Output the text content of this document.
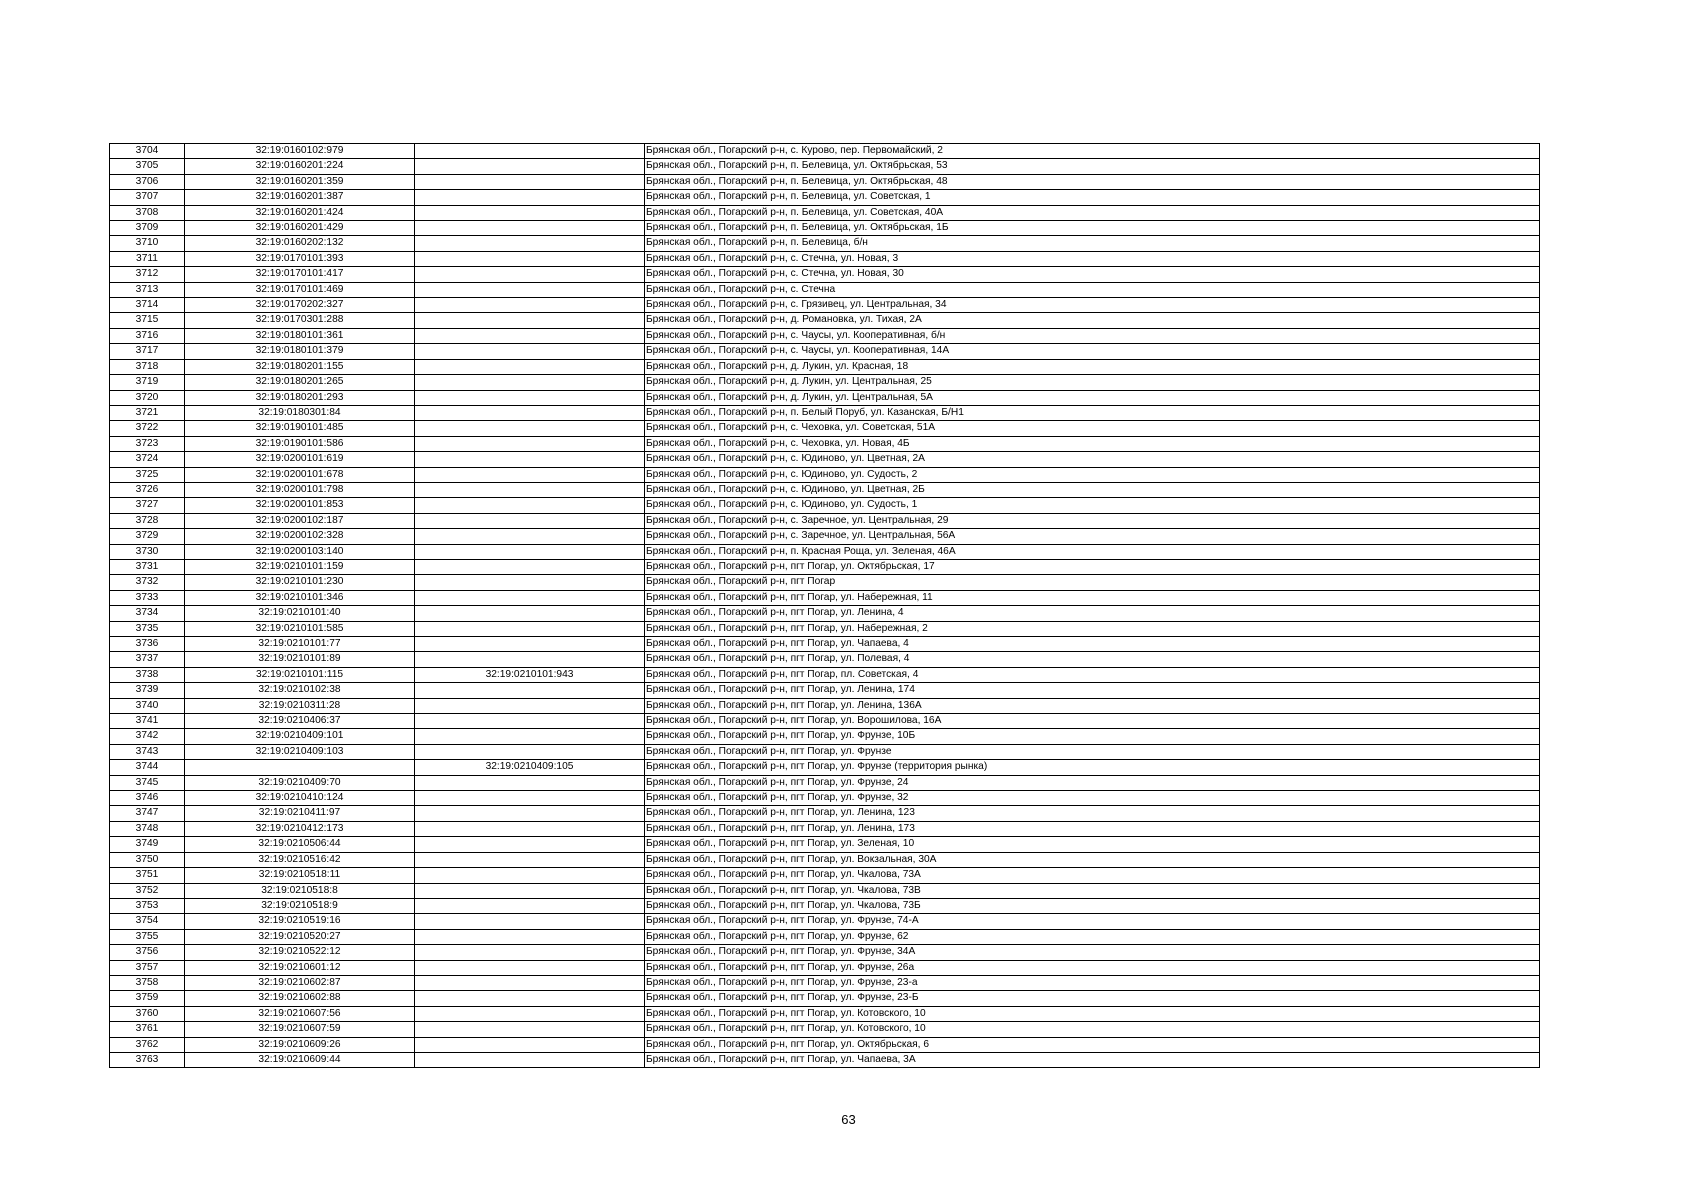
3704	32:19:0160102:979		Брянская обл., Погарский р-н, с. Курово, пер. Первомайский, 2
3705	32:19:0160201:224		Брянская обл., Погарский р-н, п. Белевица, ул. Октябрьская, 53
3706	32:19:0160201:359		Брянская обл., Погарский р-н, п. Белевица, ул. Октябрьская, 48
3707	32:19:0160201:387		Брянская обл., Погарский р-н, п. Белевица, ул. Советская, 1
3708	32:19:0160201:424		Брянская обл., Погарский р-н, п. Белевица, ул. Советская, 40А
3709	32:19:0160201:429		Брянская обл., Погарский р-н, п. Белевица, ул. Октябрьская, 1Б
3710	32:19:0160202:132		Брянская обл., Погарский р-н, п. Белевица, б/н
3711	32:19:0170101:393		Брянская обл., Погарский р-н, с. Стечна, ул. Новая, 3
3712	32:19:0170101:417		Брянская обл., Погарский р-н, с. Стечна, ул. Новая, 30
3713	32:19:0170101:469		Брянская обл., Погарский р-н, с. Стечна
3714	32:19:0170202:327		Брянская обл., Погарский р-н, с. Грязивец, ул. Центральная, 34
3715	32:19:0170301:288		Брянская обл., Погарский р-н, д. Романовка, ул. Тихая, 2А
3716	32:19:0180101:361		Брянская обл., Погарский р-н, с. Чаусы, ул. Кооперативная, б/н
3717	32:19:0180101:379		Брянская обл., Погарский р-н, с. Чаусы, ул. Кооперативная, 14А
3718	32:19:0180201:155		Брянская обл., Погарский р-н, д. Лукин, ул. Красная, 18
3719	32:19:0180201:265		Брянская обл., Погарский р-н, д. Лукин, ул. Центральная, 25
3720	32:19:0180201:293		Брянская обл., Погарский р-н, д. Лукин, ул. Центральная, 5А
3721	32:19:0180301:84		Брянская обл., Погарский р-н, п. Белый Поруб, ул. Казанская, Б/Н1
3722	32:19:0190101:485		Брянская обл., Погарский р-н, с. Чеховка, ул. Советская, 51А
3723	32:19:0190101:586		Брянская обл., Погарский р-н, с. Чеховка, ул. Новая, 4Б
3724	32:19:0200101:619		Брянская обл., Погарский р-н, с. Юдиново, ул. Цветная, 2А
3725	32:19:0200101:678		Брянская обл., Погарский р-н, с. Юдиново, ул. Судость, 2
3726	32:19:0200101:798		Брянская обл., Погарский р-н, с. Юдиново, ул. Цветная, 2Б
3727	32:19:0200101:853		Брянская обл., Погарский р-н, с. Юдиново, ул. Судость, 1
3728	32:19:0200102:187		Брянская обл., Погарский р-н, с. Заречное, ул. Центральная, 29
3729	32:19:0200102:328		Брянская обл., Погарский р-н, с. Заречное, ул. Центральная, 56А
3730	32:19:0200103:140		Брянская обл., Погарский р-н, п. Красная Роща, ул. Зеленая, 46А
3731	32:19:0210101:159		Брянская обл., Погарский р-н, пгт Погар, ул. Октябрьская, 17
3732	32:19:0210101:230		Брянская обл., Погарский р-н, пгт Погар
3733	32:19:0210101:346		Брянская обл., Погарский р-н, пгт Погар, ул. Набережная, 11
3734	32:19:0210101:40		Брянская обл., Погарский р-н, пгт Погар, ул. Ленина, 4
3735	32:19:0210101:585		Брянская обл., Погарский р-н, пгт Погар, ул. Набережная, 2
3736	32:19:0210101:77		Брянская обл., Погарский р-н, пгт Погар, ул. Чапаева, 4
3737	32:19:0210101:89		Брянская обл., Погарский р-н, пгт Погар, ул. Полевая, 4
3738	32:19:0210101:115	32:19:0210101:943	Брянская обл., Погарский р-н, пгт Погар, пл. Советская, 4
3739	32:19:0210102:38		Брянская обл., Погарский р-н, пгт Погар, ул. Ленина, 174
3740	32:19:0210311:28		Брянская обл., Погарский р-н, пгт Погар, ул. Ленина, 136А
3741	32:19:0210406:37		Брянская обл., Погарский р-н, пгт Погар, ул. Ворошилова, 16А
3742	32:19:0210409:101		Брянская обл., Погарский р-н, пгт Погар, ул. Фрунзе, 10Б
3743	32:19:0210409:103		Брянская обл., Погарский р-н, пгт Погар, ул. Фрунзе
3744		32:19:0210409:105	Брянская обл., Погарский р-н, пгт Погар, ул. Фрунзе (территория рынка)
3745	32:19:0210409:70		Брянская обл., Погарский р-н, пгт Погар, ул. Фрунзе, 24
3746	32:19:0210410:124		Брянская обл., Погарский р-н, пгт Погар, ул. Фрунзе, 32
3747	32:19:0210411:97		Брянская обл., Погарский р-н, пгт Погар, ул. Ленина, 123
3748	32:19:0210412:173		Брянская обл., Погарский р-н, пгт Погар, ул. Ленина, 173
3749	32:19:0210506:44		Брянская обл., Погарский р-н, пгт Погар, ул. Зеленая, 10
3750	32:19:0210516:42		Брянская обл., Погарский р-н, пгт Погар, ул. Вокзальная, 30А
3751	32:19:0210518:11		Брянская обл., Погарский р-н, пгт Погар, ул. Чкалова, 73А
3752	32:19:0210518:8		Брянская обл., Погарский р-н, пгт Погар, ул. Чкалова, 73В
3753	32:19:0210518:9		Брянская обл., Погарский р-н, пгт Погар, ул. Чкалова, 73Б
3754	32:19:0210519:16		Брянская обл., Погарский р-н, пгт Погар, ул. Фрунзе, 74-А
3755	32:19:0210520:27		Брянская обл., Погарский р-н, пгт Погар, ул. Фрунзе, 62
3756	32:19:0210522:12		Брянская обл., Погарский р-н, пгт Погар, ул. Фрунзе, 34А
3757	32:19:0210601:12		Брянская обл., Погарский р-н, пгт Погар, ул. Фрунзе, 26а
3758	32:19:0210602:87		Брянская обл., Погарский р-н, пгт Погар, ул. Фрунзе, 23-а
3759	32:19:0210602:88		Брянская обл., Погарский р-н, пгт Погар, ул. Фрунзе, 23-Б
3760	32:19:0210607:56		Брянская обл., Погарский р-н, пгт Погар, ул. Котовского, 10
3761	32:19:0210607:59		Брянская обл., Погарский р-н, пгт Погар, ул. Котовского, 10
3762	32:19:0210609:26		Брянская обл., Погарский р-н, пгт Погар, ул. Октябрьская, 6
3763	32:19:0210609:44		Брянская обл., Погарский р-н, пгт Погар, ул. Чапаева, 3А
63
